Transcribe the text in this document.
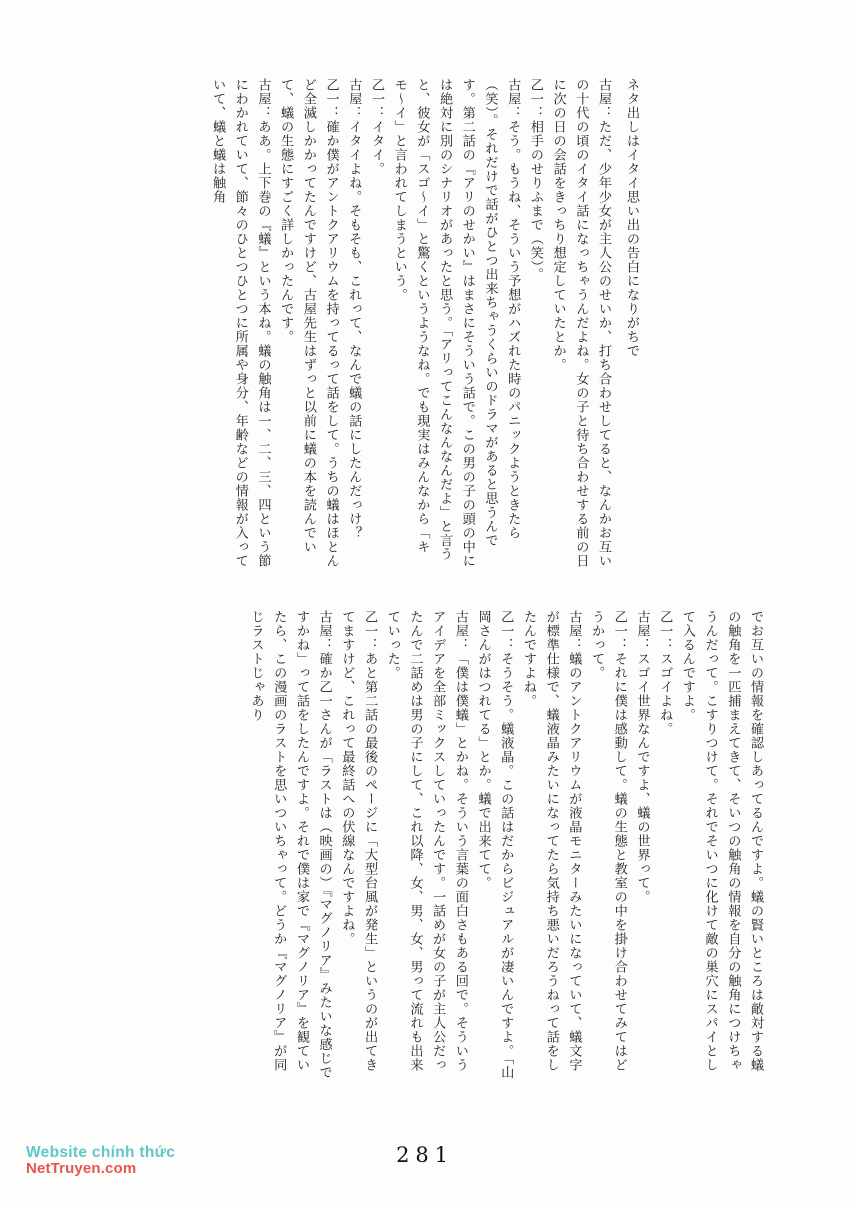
ネタ出しはイタイ思い出の告白になりがちで
古屋：ただ、少年少女が主人公のせいか、打ち合わせしてると、なんかお互いの十代の頃のイタイ話になっちゃうんだよね。女の子と待ち合わせする前の日に次の日の会話をきっちり想定していたとか。
乙一：相手のせりふまで（笑）。
古屋：そう。もうね、そういう予想がハズれた時のパニックようときたら（笑）。それだけで話がひとつ出来ちゃうくらいのドラマがあると思うんです。第二話の『アリのせかい』はまさにそういう話で。この男の子の頭の中には絶対に別のシナリオがあったと思う。「アリってこんなんなんだよ」と言うと、彼女が「スゴ〜イ」と驚くというようなね。でも現実はみんなから「キモ〜イ」と言われてしまうという。
乙一：イタイ。
古屋：イタイよね。そもそも、これって、なんで蟻の話にしたんだっけ？
乙一：確か僕がアントクアリウムを持ってるって話をして。うちの蟻はほとんど全滅しかかってたんですけど、古屋先生はずっと以前に蟻の本を読んでいて、蟻の生態にすごく詳しかったんです。
古屋：ああ。上下巻の『蟻』という本ね。蟻の触角は一、二、三、四という節にわかれていて、節々のひとつひとつに所属や身分、年齢などの情報が入っていて、蟻と蟻は触角
でお互いの情報を確認しあってるんですよ。蟻の賢いところは敵対する蟻の触角を一匹捕まえてきて、そいつの触角の情報を自分の触角につけちゃうんだって。こすりつけて。それでそいつに化けて敵の巣穴にスパイとして入るんですよ。
乙一：スゴイよね。
古屋：スゴイ世界なんですよ、蟻の世界って。
乙一：それに僕は感動して。蟻の生態と教室の中を掛け合わせてみてはどうかって。
古屋：蟻のアントクアリウムが液晶モニターみたいになっていて、蟻文字が標準仕様で、蟻液晶みたいになってたら気持ち悪いだろうねって話をしたんですよね。
乙一：そうそう。蟻液晶。この話はだからビジュアルが凄いんですよ。「山岡さんがはつれてる」とか。蟻で出来てて。
古屋：「僕は僕蟻」とかね。そういう言葉の面白さもある回で。そういうアイデアを全部ミックスしていったんです。一話めが女の子が主人公だったんで二話めは男の子にして、これ以降、女、男、女、男って流れも出来ていった。
乙一：あと第二話の最後のページに「大型台風が発生」というのが出てきてますけど、これって最終話への伏線なんですよね。
古屋：確か乙一さんが「ラストは（映画の）『マグノリア』みたいな感じですかね」って話をしたんですよ。それで僕は家で『マグノリア』を観ていたら、この漫画のラストを思いついちゃって。どうか『マグノリア』が同じラストじゃあり
281
Website chính thức
NetTruyen.com
